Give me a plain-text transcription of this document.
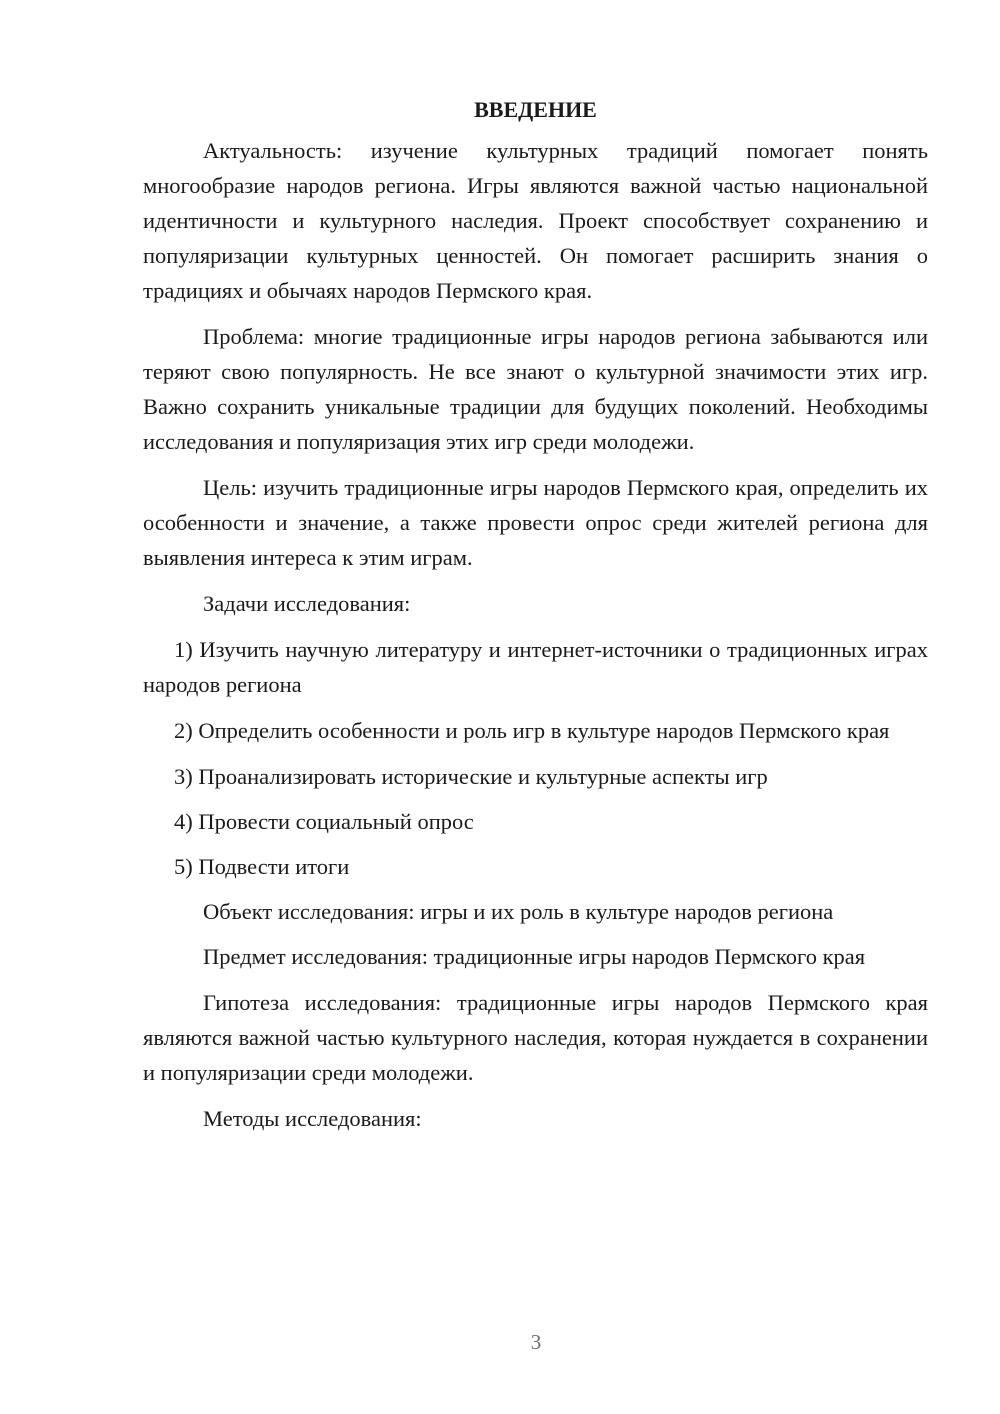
ВВЕДЕНИЕ

Актуальность: изучение культурных традиций помогает понять многообразие народов региона. Игры являются важной частью национальной идентичности и культурного наследия. Проект способствует сохранению и популяризации культурных ценностей. Он помогает расширить знания о традициях и обычаях народов Пермского края.

Проблема: многие традиционные игры народов региона забываются или теряют свою популярность. Не все знают о культурной значимости этих игр. Важно сохранить уникальные традиции для будущих поколений. Необходимы исследования и популяризация этих игр среди молодежи.

Цель: изучить традиционные игры народов Пермского края, определить их особенности и значение, а также провести опрос среди жителей региона для выявления интереса к этим играм.

Задачи исследования:

1) Изучить научную литературу и интернет-источники о традиционных играх народов региона

2) Определить особенности и роль игр в культуре народов Пермского края

3) Проанализировать исторические и культурные аспекты игр

4) Провести социальный опрос

5) Подвести итоги

Объект исследования: игры и их роль в культуре народов региона

Предмет исследования: традиционные игры народов Пермского края

Гипотеза исследования: традиционные игры народов Пермского края являются важной частью культурного наследия, которая нуждается в сохранении и популяризации среди молодежи.

Методы исследования:

3
